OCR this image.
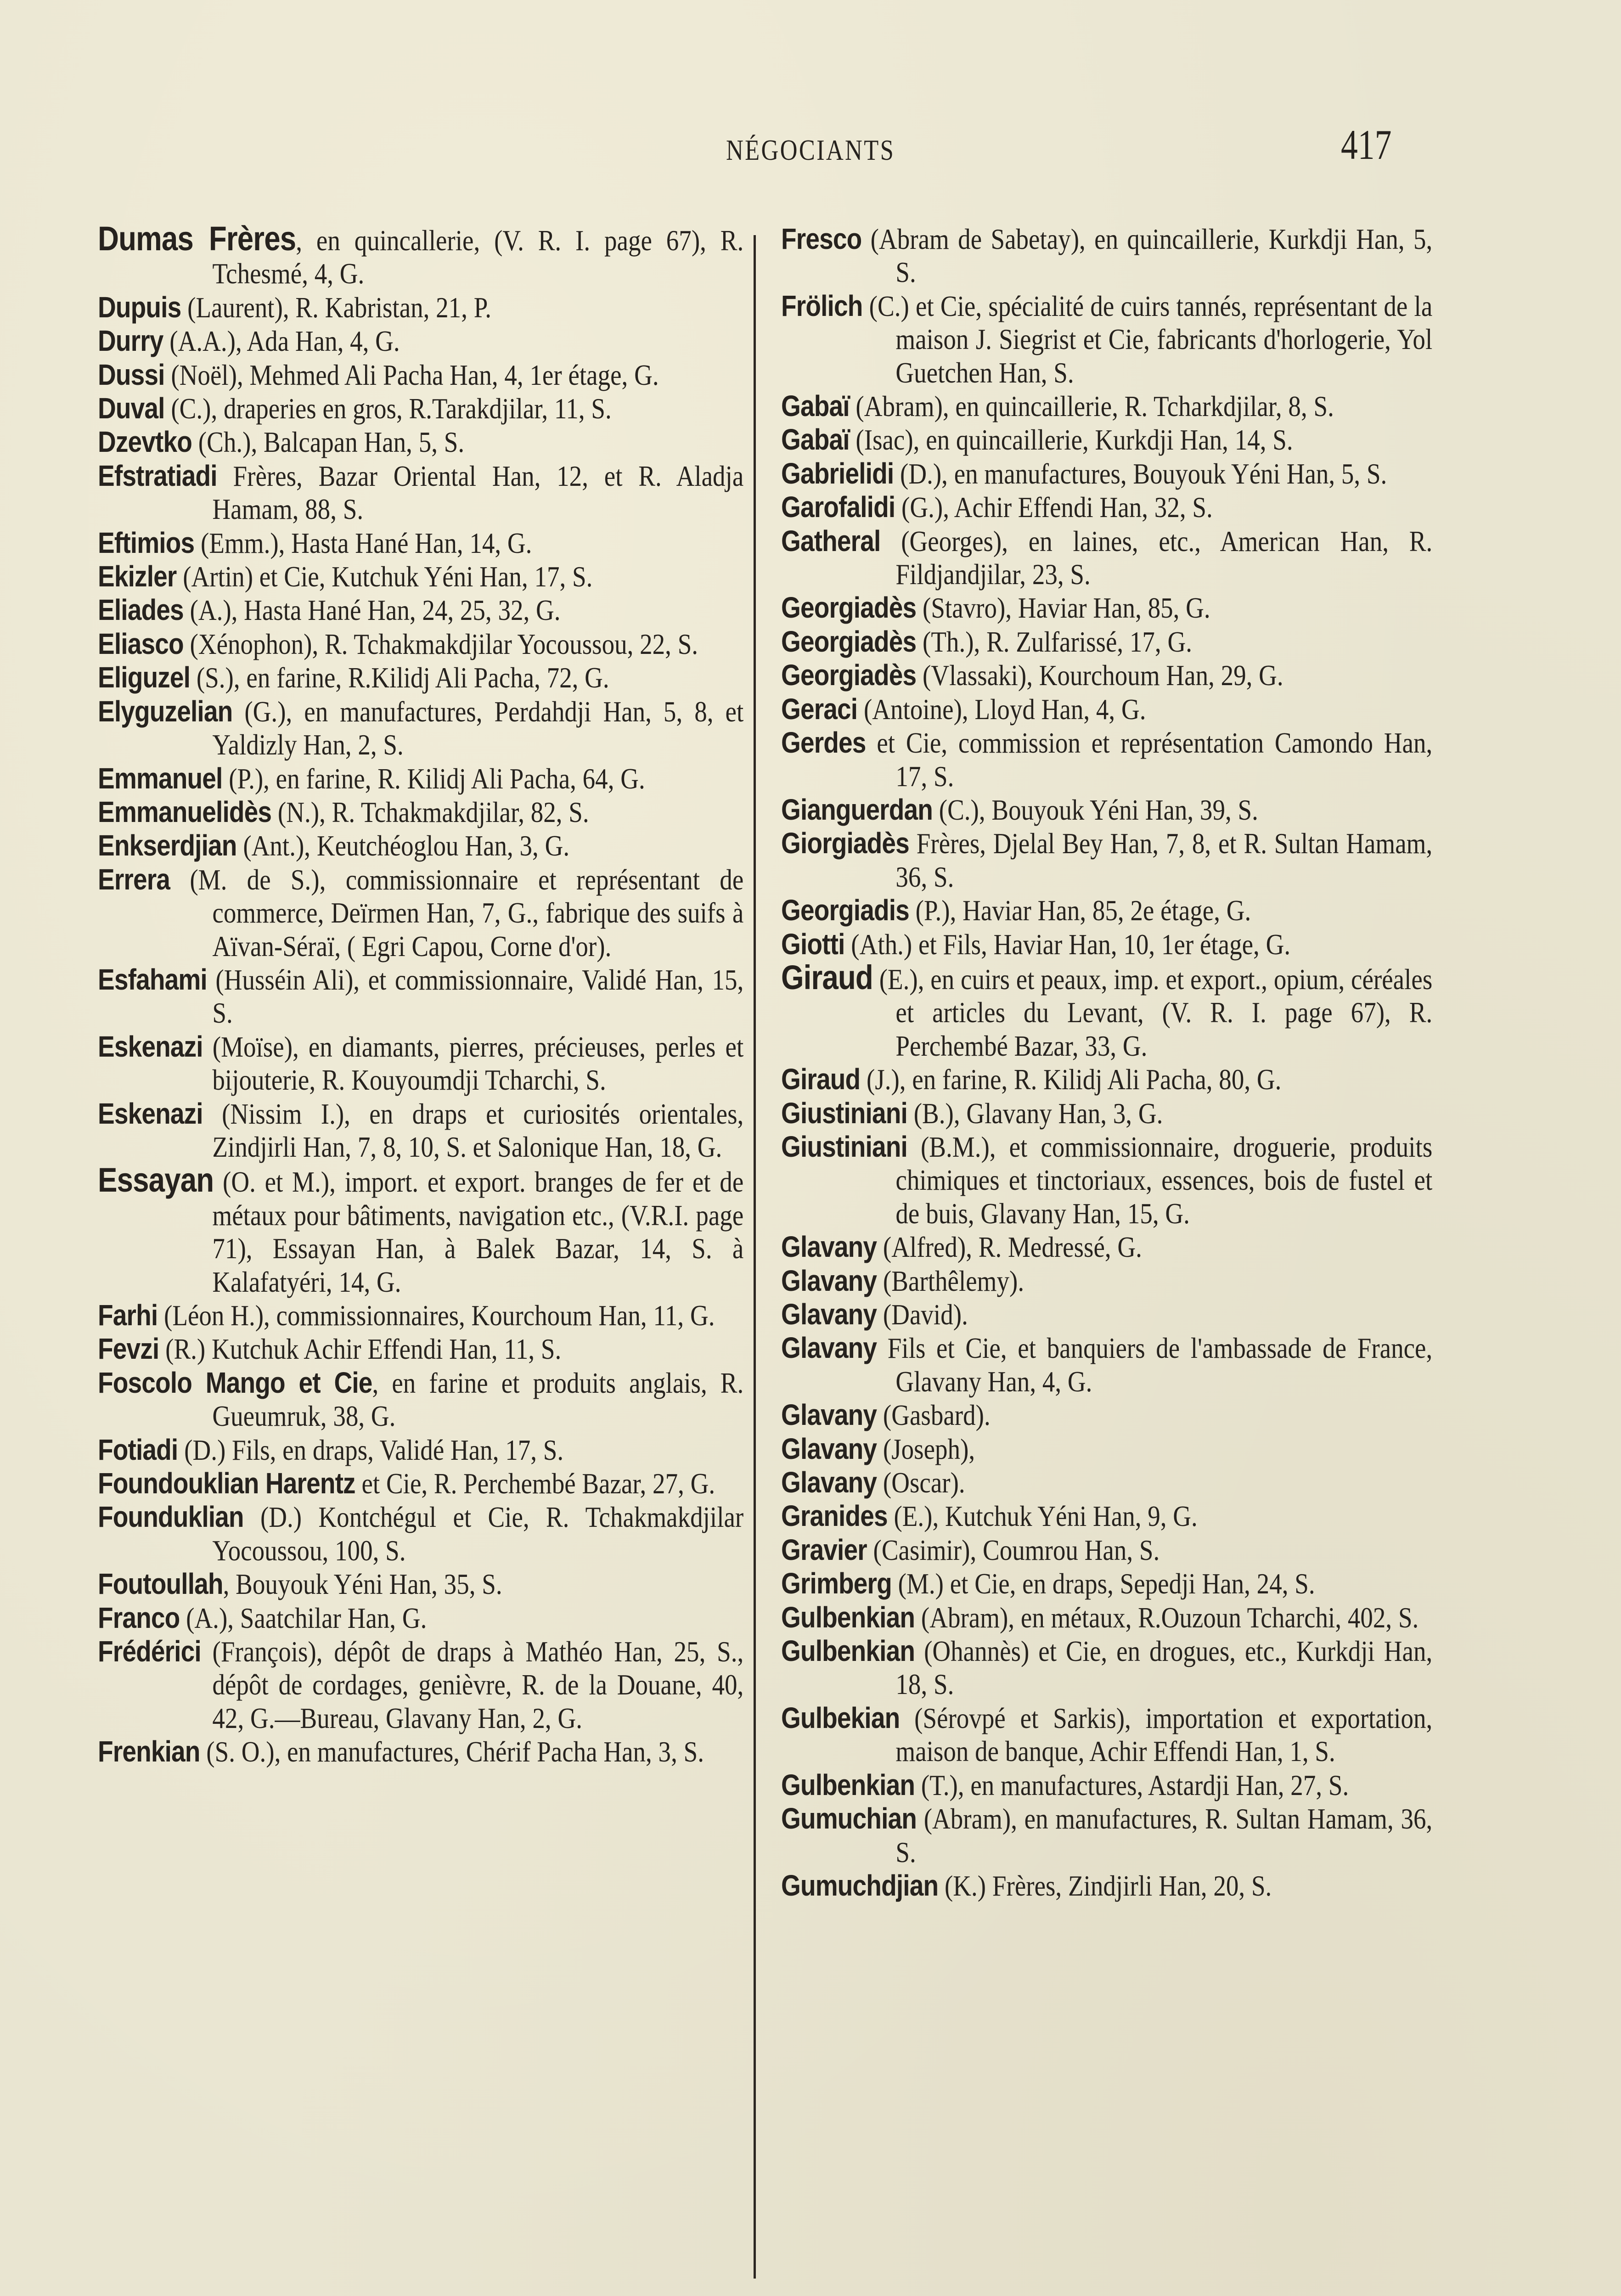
NÉGOCIANTS	417
Dumas Frères, en quincallerie, (V. R. I. page 67), R. Tchesmé, 4, G.
Dupuis (Laurent), R. Kabristan, 21, P.
Durry (A.A.), Ada Han, 4, G.
Dussi (Noël), Mehmed Ali Pacha Han, 4, 1er étage, G.
Duval (C.), draperies en gros, R.Tarakdjilar, 11, S.
Dzevtko (Ch.), Balcapan Han, 5, S.
Efstratiadi Frères, Bazar Oriental Han, 12, et R. Aladja Hamam, 88, S.
Eftimios (Emm.), Hasta Hané Han, 14, G.
Ekizler (Artin) et Cie, Kutchuk Yéni Han, 17, S.
Eliades (A.), Hasta Hané Han, 24, 25, 32, G.
Eliasco (Xénophon), R. Tchakmakdjilar Yocoussou, 22, S.
Eliguzel (S.), en farine, R.Kilidj Ali Pacha, 72, G.
Elyguzelian (G.), en manufactures, Perdahdji Han, 5, 8, et Yaldizly Han, 2, S.
Emmanuel (P.), en farine, R. Kilidj Ali Pacha, 64, G.
Emmanuelidès (N.), R. Tchakmakdjilar, 82, S.
Enkserdjian (Ant.), Keutchéoglou Han, 3, G.
Errera (M. de S.), commissionnaire et représentant de commerce, Deïrmen Han, 7, G., fabrique des suifs à Aïvan-Séraï, ( Egri Capou, Corne d'or).
Esfahami (Husséin Ali), et commissionnaire, Validé Han, 15, S.
Eskenazi (Moïse), en diamants, pierres, précieuses, perles et bijouterie, R. Kouyoumdji Tcharchi, S.
Eskenazi (Nissim I.), en draps et curiosités orientales, Zindjirli Han, 7, 8, 10, S. et Salonique Han, 18, G.
Essayan (O. et M.), import. et export. branges de fer et de métaux pour bâtiments, navigation etc., (V.R.I. page 71), Essayan Han, à Balek Bazar, 14, S. à Kalafatyéri, 14, G.
Farhi (Léon H.), commissionnaires, Kourchoum Han, 11, G.
Fevzi (R.) Kutchuk Achir Effendi Han, 11, S.
Foscolo Mango et Cie, en farine et produits anglais, R. Gueumruk, 38, G.
Fotiadi (D.) Fils, en draps, Validé Han, 17, S.
Foundouklian Harentz et Cie, R. Perchembé Bazar, 27, G.
Founduklian (D.) Kontchégul et Cie, R. Tchakmakdjilar Yocoussou, 100, S.
Foutoullah, Bouyouk Yéni Han, 35, S.
Franco (A.), Saatchilar Han, G.
Frédérici (François), dépôt de draps à Mathéo Han, 25, S., dépôt de cordages, genièvre, R. de la Douane, 40, 42, G.—Bureau, Glavany Han, 2, G.
Frenkian (S. O.), en manufactures, Chérif Pacha Han, 3, S.
Fresco (Abram de Sabetay), en quincaillerie, Kurkdji Han, 5, S.
Frölich (C.) et Cie, spécialité de cuirs tannés, représentant de la maison J. Siegrist et Cie, fabricants d'horlogerie, Yol Guetchen Han, S.
Gabaï (Abram), en quincaillerie, R. Tcharkdjilar, 8, S.
Gabaï (Isac), en quincaillerie, Kurkdji Han, 14, S.
Gabrielidi (D.), en manufactures, Bouyouk Yéni Han, 5, S.
Garofalidi (G.), Achir Effendi Han, 32, S.
Gatheral (Georges), en laines, etc., American Han, R. Fildjandjilar, 23, S.
Georgiadès (Stavro), Haviar Han, 85, G.
Georgiadès (Th.), R. Zulfarissé, 17, G.
Georgiadès (Vlassaki), Kourchoum Han, 29, G.
Geraci (Antoine), Lloyd Han, 4, G.
Gerdes et Cie, commission et représentation Camondo Han, 17, S.
Gianguerdan (C.), Bouyouk Yéni Han, 39, S.
Giorgiadès Frères, Djelal Bey Han, 7, 8, et R. Sultan Hamam, 36, S.
Georgiadis (P.), Haviar Han, 85, 2e étage, G.
Giotti (Ath.) et Fils, Haviar Han, 10, 1er étage, G.
Giraud (E.), en cuirs et peaux, imp. et export., opium, céréales et articles du Levant, (V. R. I. page 67), R. Perchembé Bazar, 33, G.
Giraud (J.), en farine, R. Kilidj Ali Pacha, 80, G.
Giustiniani (B.), Glavany Han, 3, G.
Giustiniani (B.M.), et commissionnaire, droguerie, produits chimiques et tinctoriaux, essences, bois de fustel et de buis, Glavany Han, 15, G.
Glavany (Alfred), R. Medressé, G.
Glavany (Barthêlemy).
Glavany (David).
Glavany Fils et Cie, et banquiers de l'ambassade de France, Glavany Han, 4, G.
Glavany (Gasbard).
Glavany (Joseph),
Glavany (Oscar).
Granides (E.), Kutchuk Yéni Han, 9, G.
Gravier (Casimir), Coumrou Han, S.
Grimberg (M.) et Cie, en draps, Sepedji Han, 24, S.
Gulbenkian (Abram), en métaux, R.Ouzoun Tcharchi, 402, S.
Gulbenkian (Ohannès) et Cie, en drogues, etc., Kurkdji Han, 18, S.
Gulbekian (Sérovpé et Sarkis), importation et exportation, maison de banque, Achir Effendi Han, 1, S.
Gulbenkian (T.), en manufactures, Astardji Han, 27, S.
Gumuchian (Abram), en manufactures, R. Sultan Hamam, 36, S.
Gumuchdjian (K.) Frères, Zindjirli Han, 20, S.
